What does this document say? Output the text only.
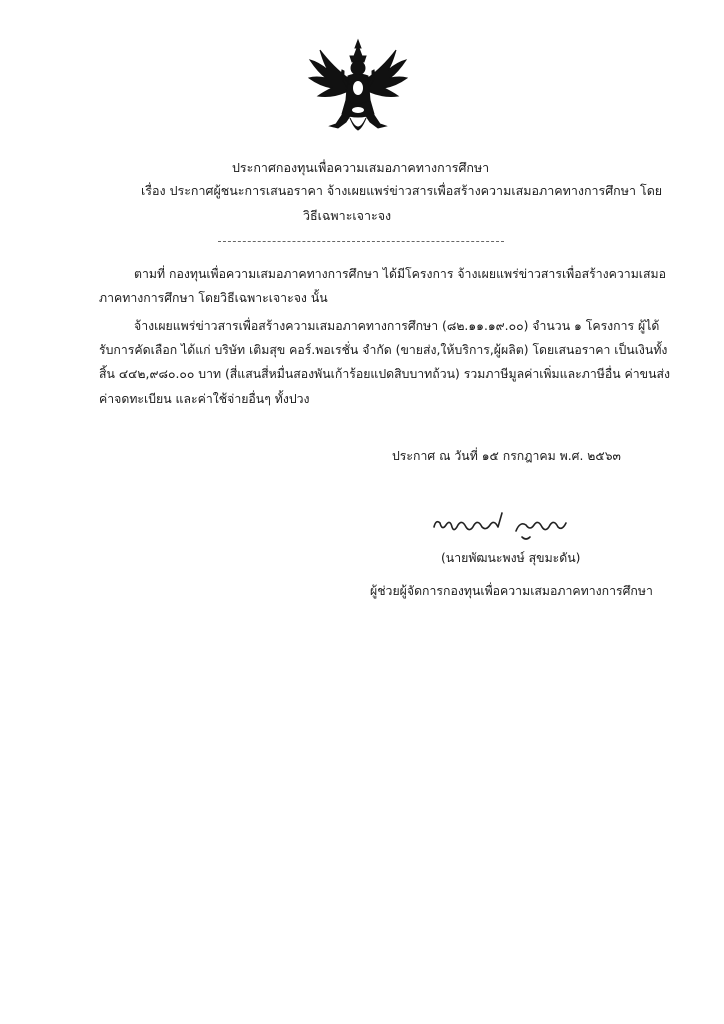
ประกาศกองทุนเพื่อความเสมอภาคทางการศึกษา
เรื่อง ประกาศผู้ชนะการเสนอราคา จ้างเผยแพร่ข่าวสารเพื่อสร้างความเสมอภาคทางการศึกษา โดย
วิธีเฉพาะเจาะจง
ตามที่ กองทุนเพื่อความเสมอภาคทางการศึกษา ได้มีโครงการ จ้างเผยแพร่ข่าวสารเพื่อสร้างความเสมอ
ภาคทางการศึกษา โดยวิธีเฉพาะเจาะจง นั้น
จ้างเผยแพร่ข่าวสารเพื่อสร้างความเสมอภาคทางการศึกษา (๘๒.๑๑.๑๙.๐๐) จำนวน ๑ โครงการ ผู้ได้
รับการคัดเลือก ได้แก่ บริษัท เติมสุข คอร์.พอเรชั่น จำกัด (ขายส่ง,ให้บริการ,ผู้ผลิต) โดยเสนอราคา เป็นเงินทั้ง
สิ้น ๔๔๒,๙๘๐.๐๐ บาท (สี่แสนสี่หมื่นสองพันเก้าร้อยแปดสิบบาทถ้วน) รวมภาษีมูลค่าเพิ่มและภาษีอื่น ค่าขนส่ง
ค่าจดทะเบียน และค่าใช้จ่ายอื่นๆ ทั้งปวง
ประกาศ ณ วันที่ ๑๕ กรกฎาคม พ.ศ. ๒๕๖๓
(นายพัฒนะพงษ์ สุขมะดัน)
ผู้ช่วยผู้จัดการกองทุนเพื่อความเสมอภาคทางการศึกษา
